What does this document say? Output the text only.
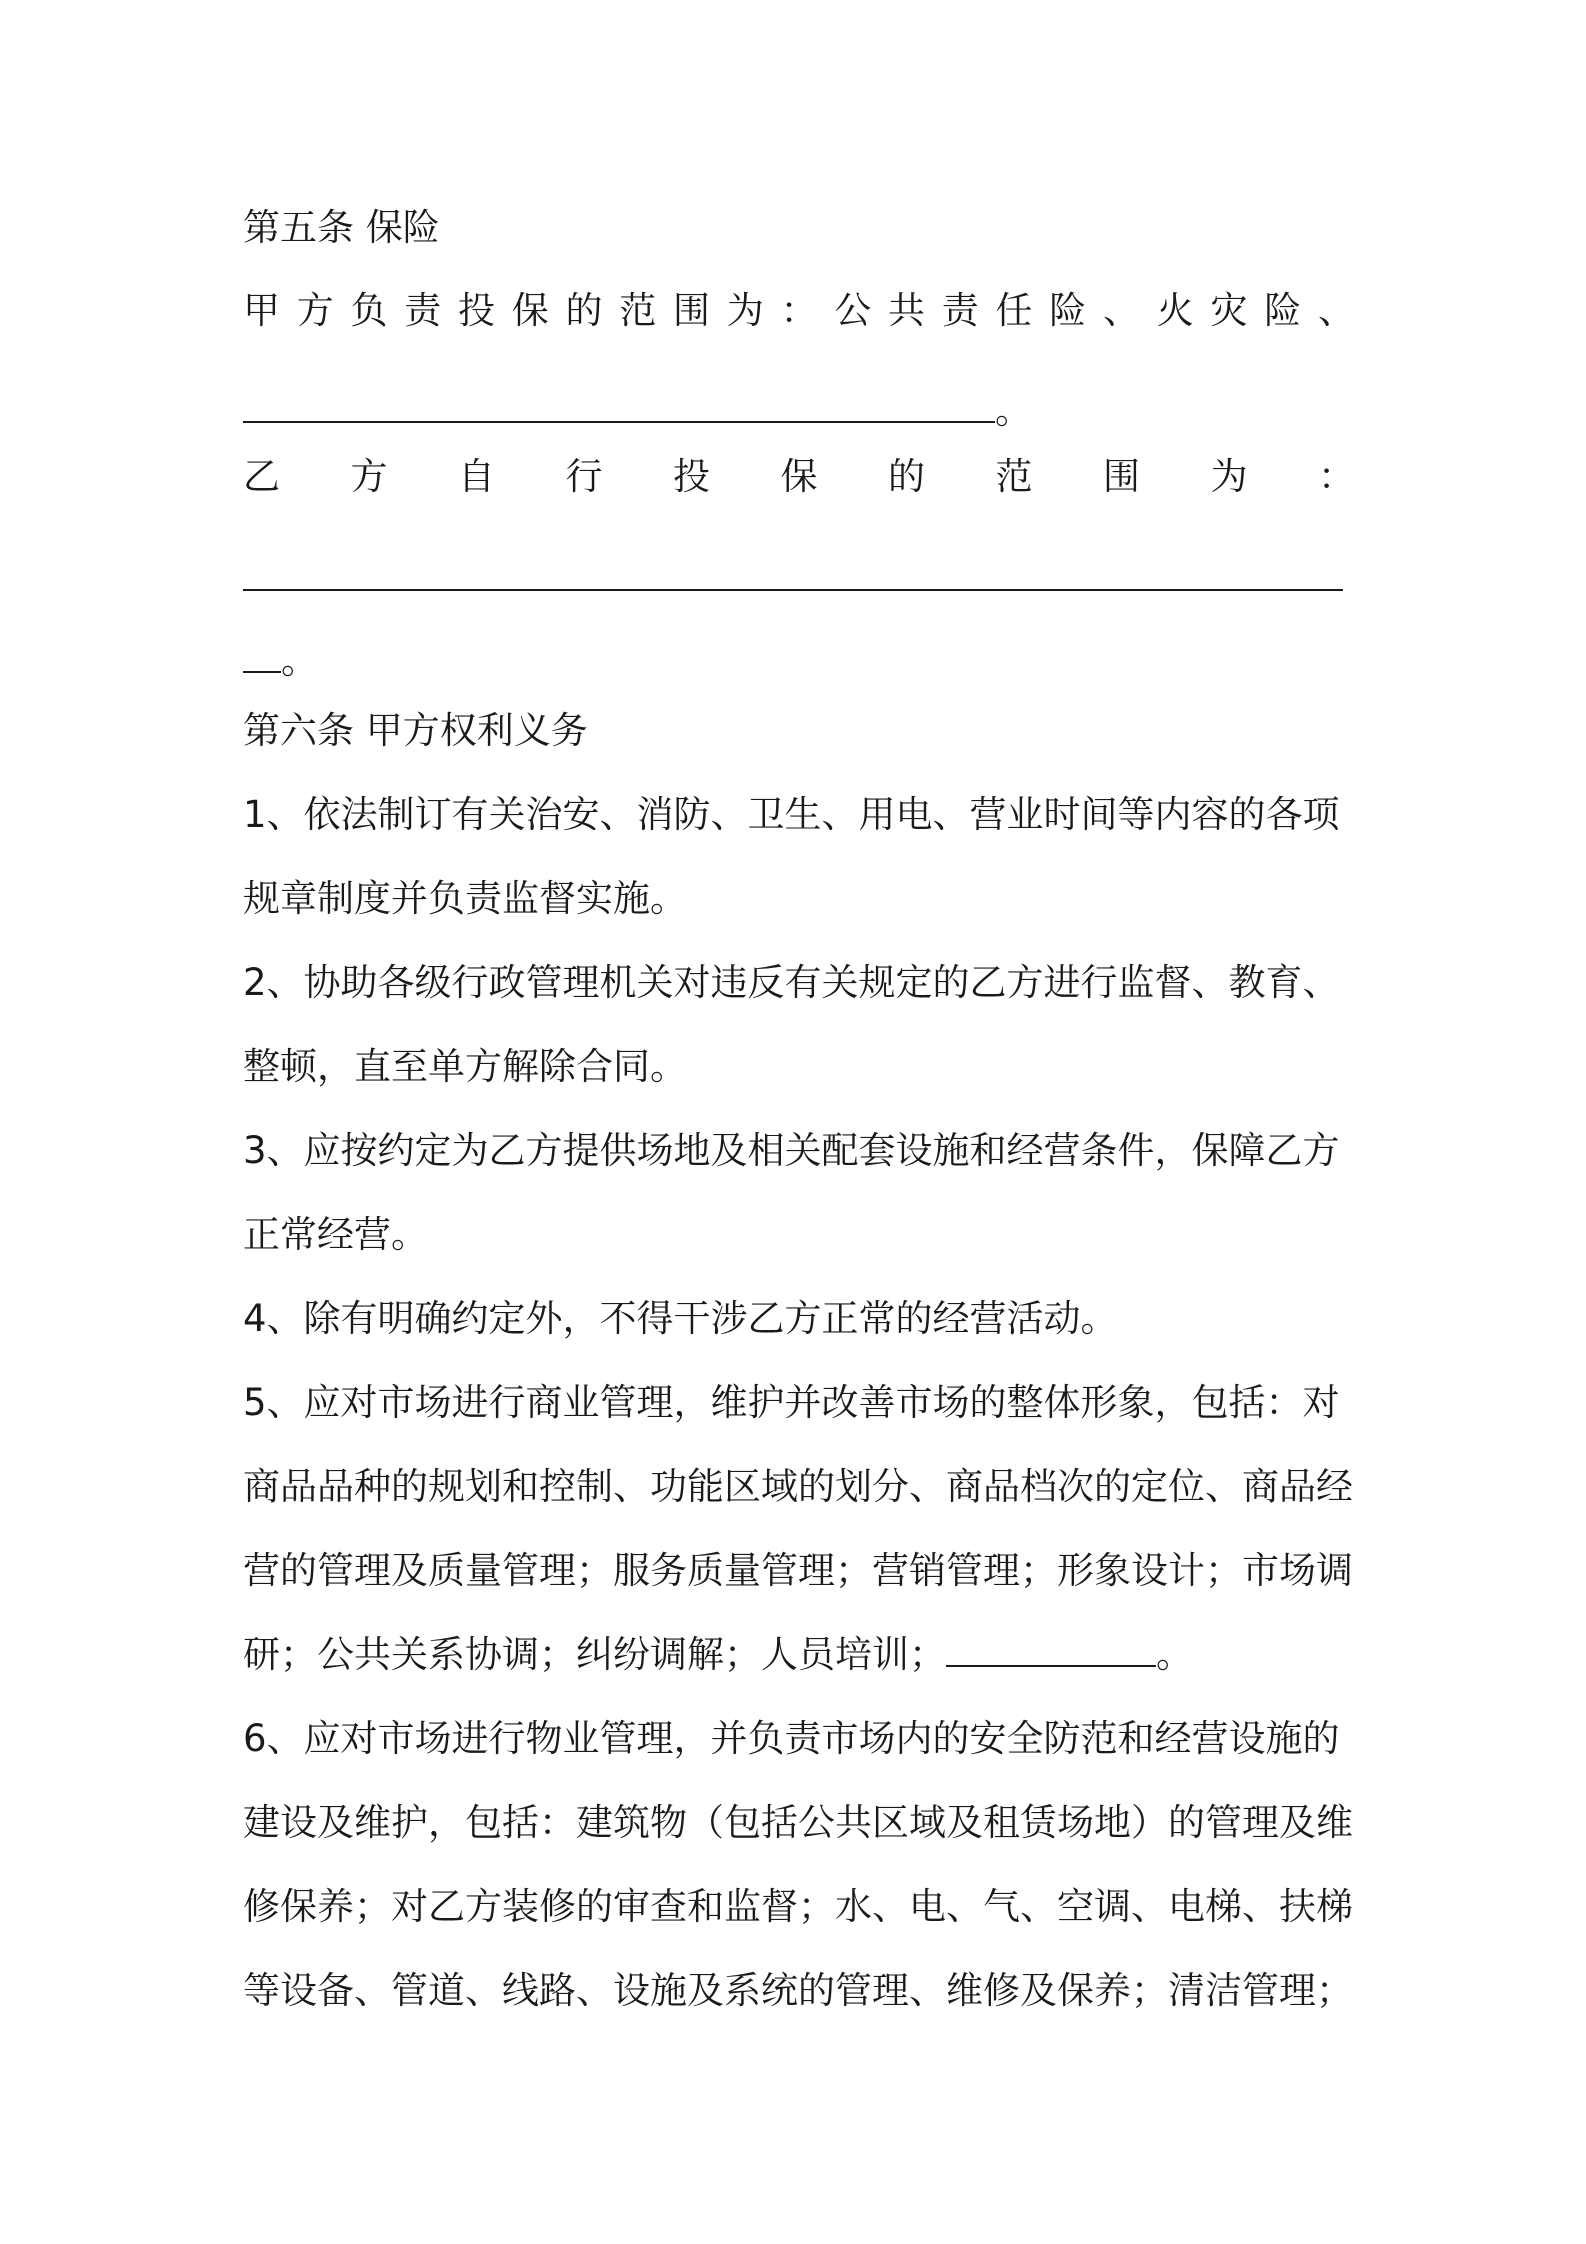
第五条 保险
甲 方 负 责 投 保 的 范 围 为 ： 公 共 责 任 险 、 火 灾 险 、
。
乙 方 自 行 投 保 的 范 围 为 ：
。
第六条 甲方权利义务
1、依法制订有关治安、消防、卫生、用电、营业时间等内容的各项
规章制度并负责监督实施。
2、协助各级行政管理机关对违反有关规定的乙方进行监督、教育、
整顿，直至单方解除合同。
3、应按约定为乙方提供场地及相关配套设施和经营条件，保障乙方
正常经营。
4、除有明确约定外，不得干涉乙方正常的经营活动。
5、应对市场进行商业管理，维护并改善市场的整体形象，包括：对
商品品种的规划和控制、功能区域的划分、商品档次的定位、商品经
营的管理及质量管理；服务质量管理；营销管理；形象设计；市场调
研；公共关系协调；纠纷调解；人员培训；	。
6、应对市场进行物业管理，并负责市场内的安全防范和经营设施的
建设及维护，包括：建筑物（包括公共区域及租赁场地）的管理及维
修保养；对乙方装修的审查和监督；水、电、气、空调、电梯、扶梯
等设备、管道、线路、设施及系统的管理、维修及保养；清洁管理；
